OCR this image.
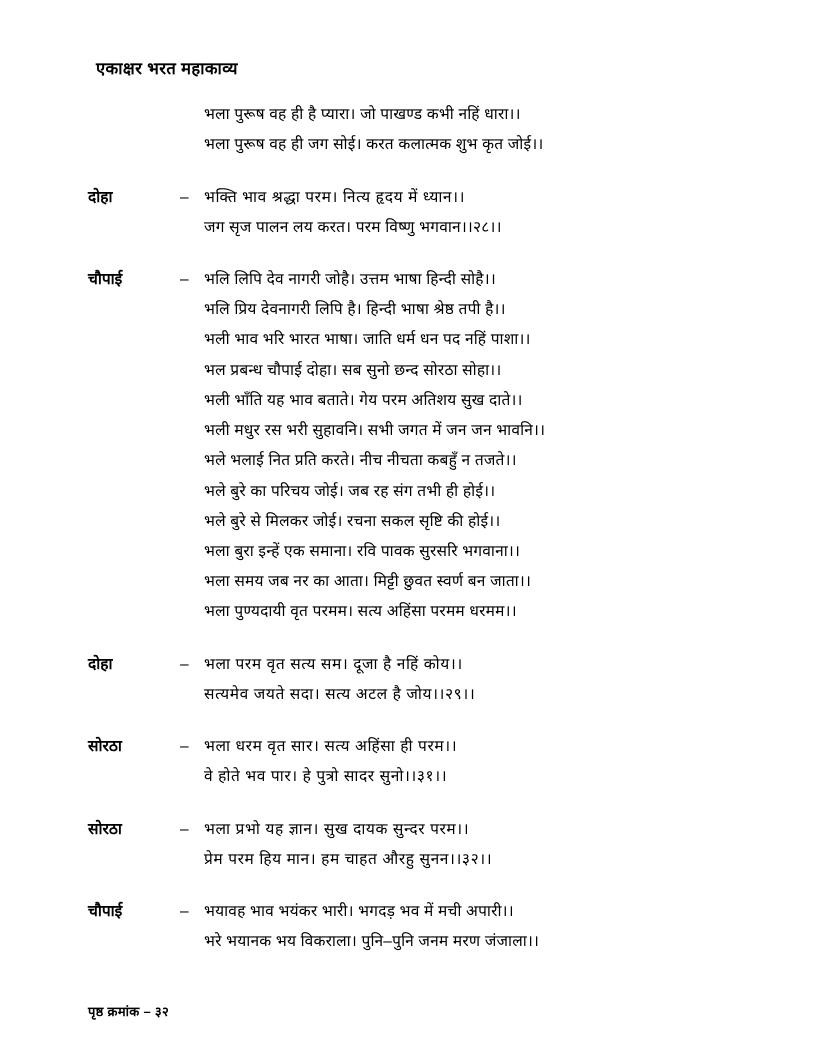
एकाक्षर भरत महाकाव्य
भला पुरूष वह ही है प्यारा। जो पाखण्ड कभी नहिं धारा।।
भला पुरूष वह ही जग सोई। करत कलात्मक शुभ कृत जोई।।
दोहा	– भक्ति भाव श्रद्धा परम। नित्य हृदय में ध्यान।।
जग सृज पालन लय करत। परम विष्णु भगवान।।२८।।
चौपाई	– भलि लिपि देव नागरी जोहै। उत्तम भाषा हिन्दी सोहै।।
भलि प्रिय देवनागरी लिपि है। हिन्दी भाषा श्रेष्ठ तपी है।।
भली भाव भरि भारत भाषा। जाति धर्म धन पद नहिं पाशा।।
भल प्रबन्ध चौपाई दोहा। सब सुनो छन्द सोरठा सोहा।।
भली भाँति यह भाव बताते। गेय परम अतिशय सुख दाते।।
भली मधुर रस भरी सुहावनि। सभी जगत में जन जन भावनि।।
भले भलाई नित प्रति करते। नीच नीचता कबहुँ न तजते।।
भले बुरे का परिचय जोई। जब रह संग तभी ही होई।।
भले बुरे से मिलकर जोई। रचना सकल सृष्टि की होई।।
भला बुरा इन्हें एक समाना। रवि पावक सुरसरि भगवाना।।
भला समय जब नर का आता। मिट्टी छुवत स्वर्ण बन जाता।।
भला पुण्यदायी वृत परमम। सत्य अहिंसा परमम धरमम।।
दोहा	– भला परम वृत सत्य सम। दूजा है नहिं कोय।।
सत्यमेव जयते सदा। सत्य अटल है जोय।।२९।।
सोरठा	– भला धरम वृत सार। सत्य अहिंसा ही परम।।
वे होते भव पार। हे पुत्रो सादर सुनो।।३१।।
सोरठा	– भला प्रभो यह ज्ञान। सुख दायक सुन्दर परम।।
प्रेम परम हिय मान। हम चाहत औरहु सुनन।।३२।।
चौपाई	– भयावह भाव भयंकर भारी। भगदड़ भव में मची अपारी।।
भरे भयानक भय विकराला। पुनि–पुनि जनम मरण जंजाला।।
पृष्ठ क्रमांक – ३२
